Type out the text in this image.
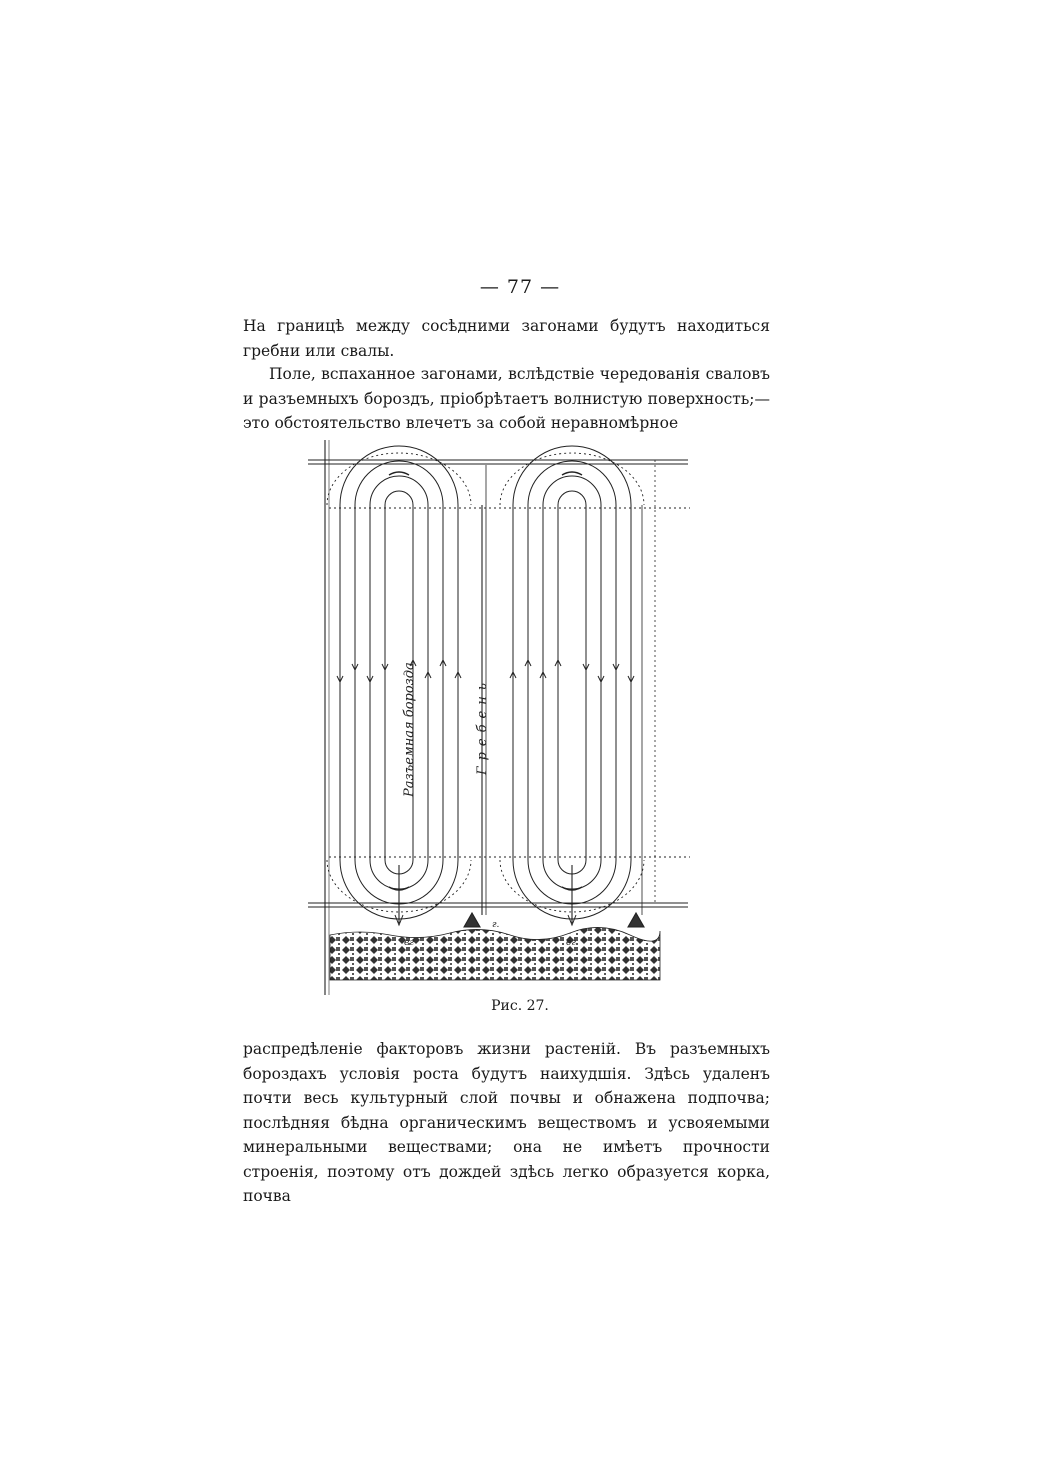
— 77 —

На границѣ между сосѣдними загонами будутъ находиться гребни или свалы.

Поле, вспаханное загонами, вслѣдствіе чередованія свaловъ и разъемныхъ бороздъ, пріобрѣтаетъ волнистую поверхность;—это обстоятельство влечетъ за собой неравномѣрное

Разъемная борозда	Гребень
ег	ег
г.
Рис. 27.

распредѣленіе факторовъ жизни растеній. Въ разъемныхъ бороздахъ условія роста будутъ наихудшія. Здѣсь удаленъ почти весь культурный слой почвы и обнажена подпочва; послѣдняя бѣдна органическимъ веществомъ и усвояемыми минеральными веществами; она не имѣетъ прочности строенія, поэтому отъ дождей здѣсь легко образуется корка, почва
